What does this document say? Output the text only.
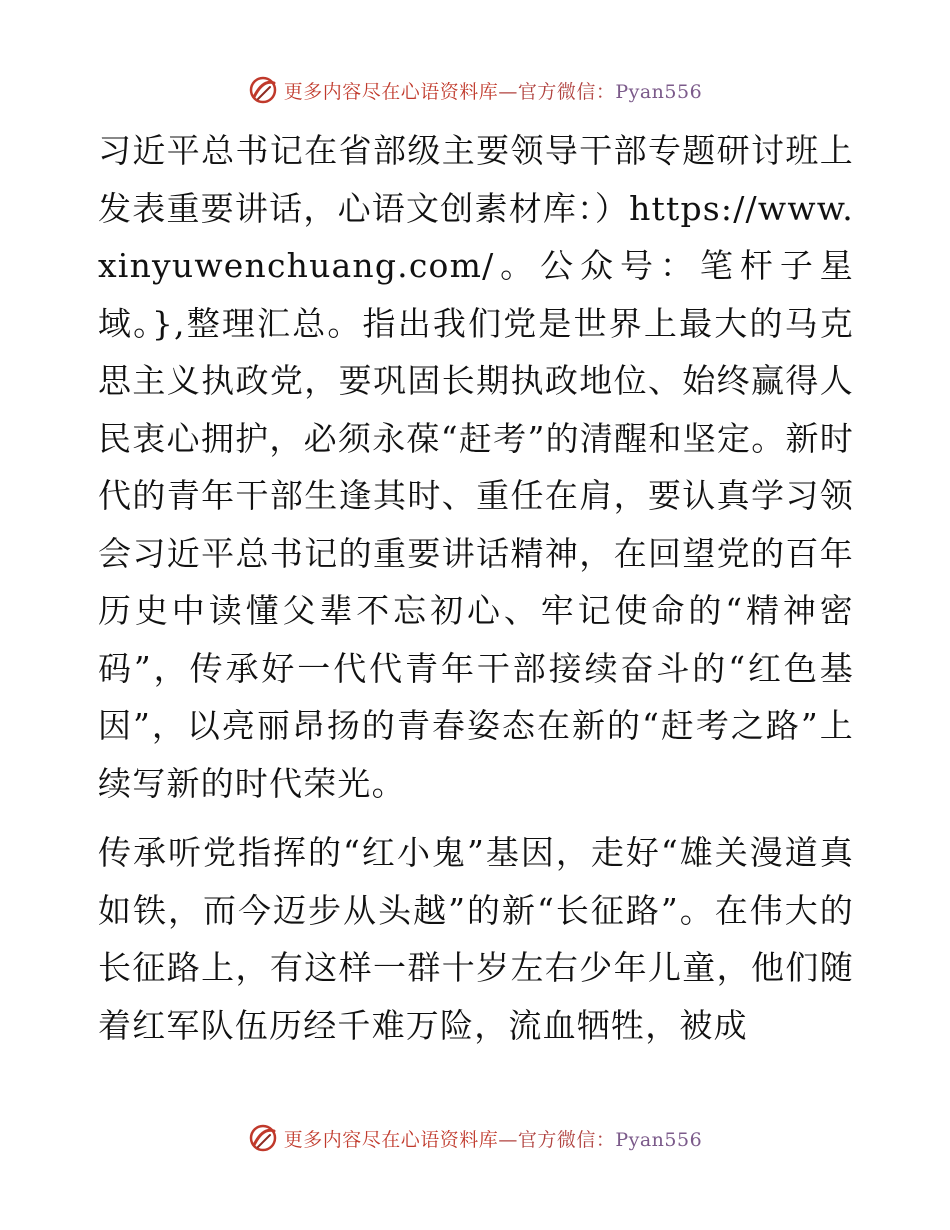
更多内容尽在心语资料库—官方微信：Pyan556

习近平总书记在省部级主要领导干部专题研讨班上发表重要讲话，心语文创素材库：）https://www.xinyuwenchuang.com/。公众号：笔杆子星域。},整理汇总。指出我们党是世界上最大的马克思主义执政党，要巩固长期执政地位、始终赢得人民衷心拥护，必须永葆“赶考”的清醒和坚定。新时代的青年干部生逢其时、重任在肩，要认真学习领会习近平总书记的重要讲话精神，在回望党的百年历史中读懂父辈不忘初心、牢记使命的“精神密码”，传承好一代代青年干部接续奋斗的“红色基因”，以亮丽昂扬的青春姿态在新的“赶考之路”上续写新的时代荣光。

传承听党指挥的“红小鬼”基因，走好“雄关漫道真如铁，而今迈步从头越”的新“长征路”。在伟大的长征路上，有这样一群十岁左右少年儿童，他们随着红军队伍历经千难万险，流血牺牲，被成

更多内容尽在心语资料库—官方微信：Pyan556
